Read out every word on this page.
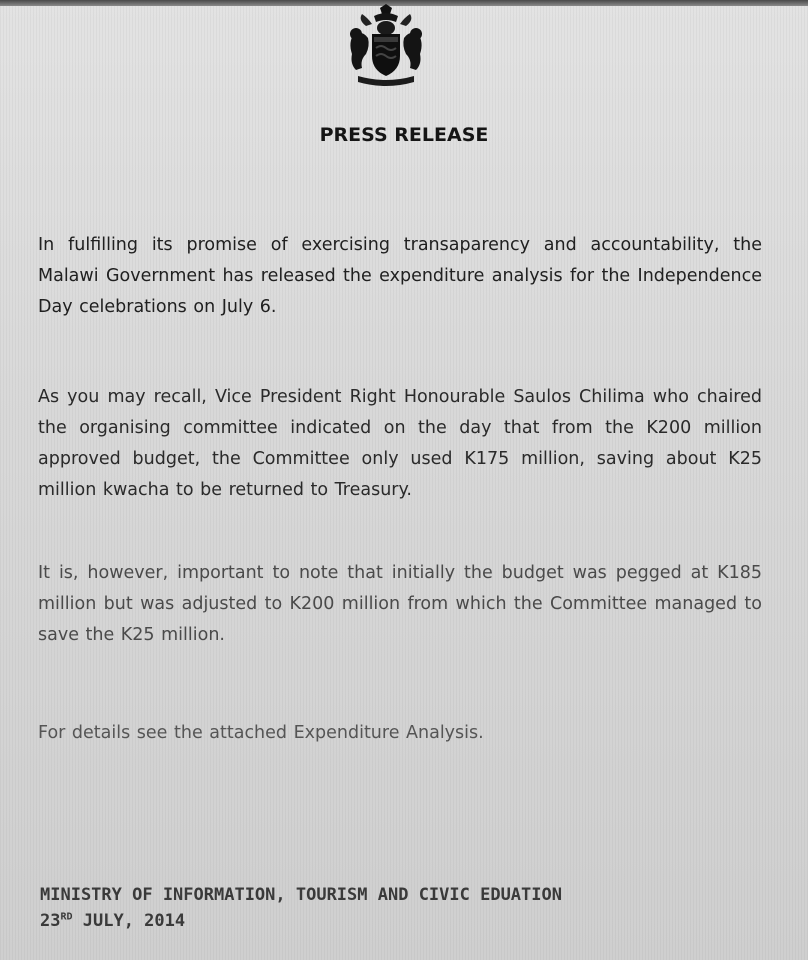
PRESS RELEASE

In fulfilling its promise of exercising transaparency and accountability, the Malawi Government has released the expenditure analysis for the Independence Day celebrations on July 6.

As you may recall, Vice President Right Honourable Saulos Chilima who chaired the organising committee indicated on the day that from the K200 million approved budget, the Committee only used K175 million, saving about K25 million kwacha to be returned to Treasury.

It is, however, important to note that initially the budget was pegged at K185 million but was adjusted to K200 million from which the Committee managed to save the K25 million.

For details see the attached Expenditure Analysis.

MINISTRY OF INFORMATION, TOURISM AND CIVIC EDUATION
23RD JULY, 2014
